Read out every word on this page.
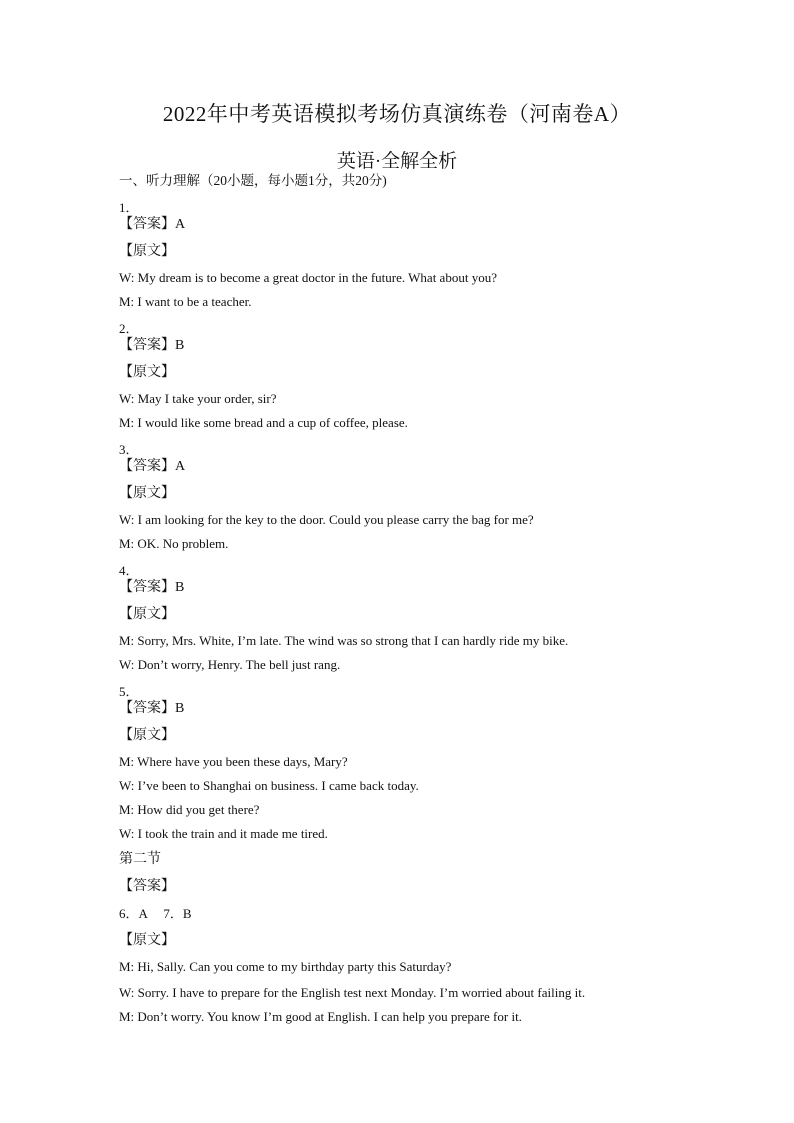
2022年中考英语模拟考场仿真演练卷（河南卷A）
英语·全解全析
一、听力理解（20小题，每小题1分，共20分)
1．
【答案】A
【原文】
W: My dream is to become a great doctor in the future. What about you?
M: I want to be a teacher.
2．
【答案】B
【原文】
W: May I take your order, sir?
M: I would like some bread and a cup of coffee, please.
3．
【答案】A
【原文】
W: I am looking for the key to the door. Could you please carry the bag for me?
M: OK. No problem.
4．
【答案】B
【原文】
M: Sorry, Mrs. White, I’m late. The wind was so strong that I can hardly ride my bike.
W: Don’t worry, Henry. The bell just rang.
5．
【答案】B
【原文】
M: Where have you been these days, Mary?
W: I’ve been to Shanghai on business. I came back today.
M: How did you get there?
W: I took the train and it made me tired.
第二节
【答案】
6．A     7．B
【原文】
M: Hi, Sally. Can you come to my birthday party this Saturday?
W: Sorry. I have to prepare for the English test next Monday. I’m worried about failing it.
M: Don’t worry. You know I’m good at English. I can help you prepare for it.
